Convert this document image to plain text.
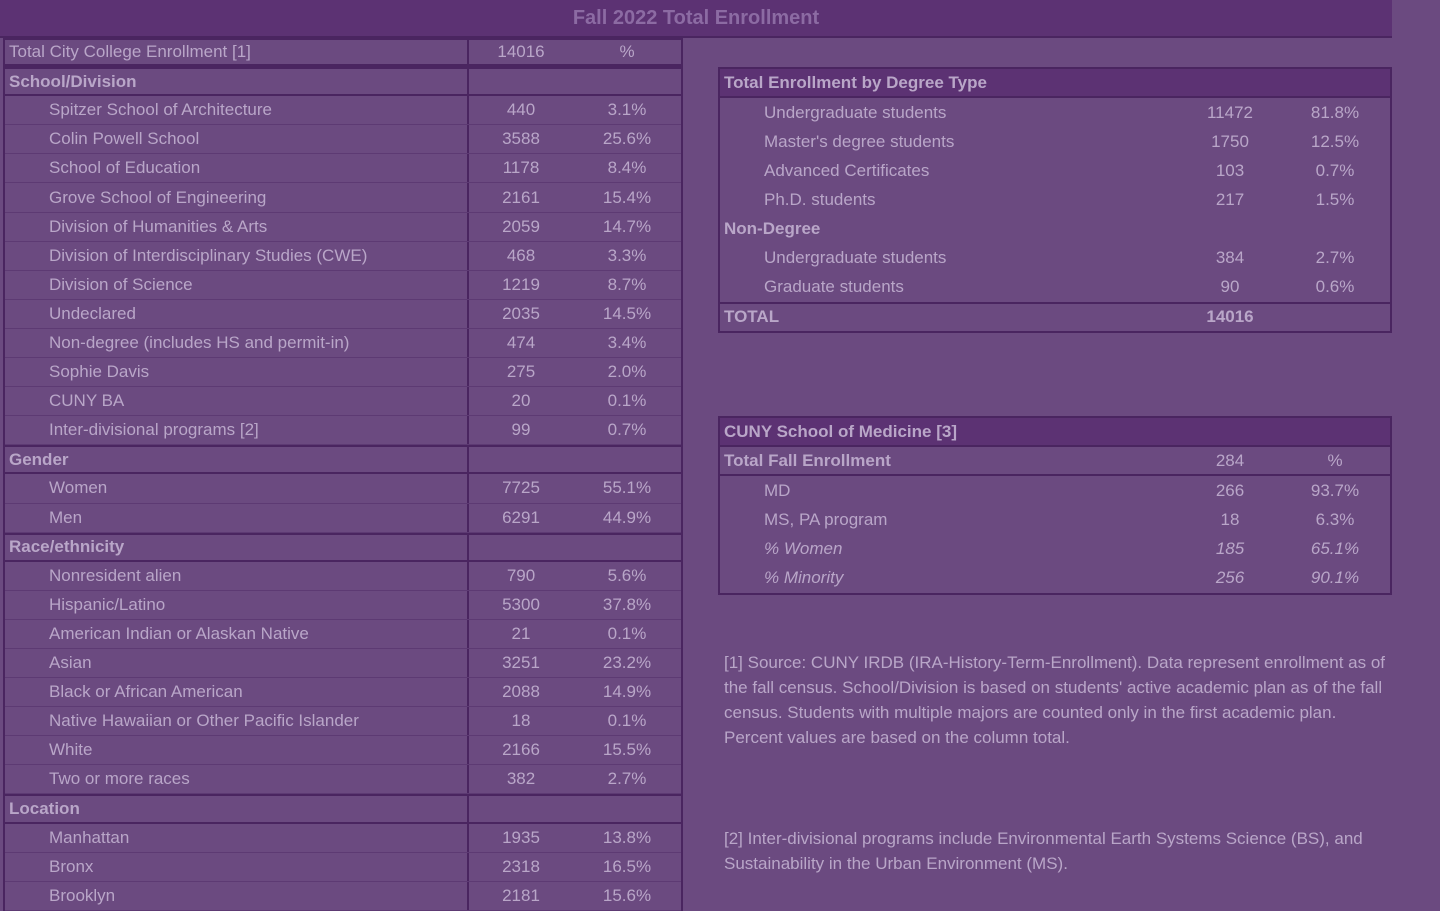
Fall 2022 Total Enrollment
Total City College Enrollment [1]	14016	%
School/Division
Spitzer School of Architecture	440	3.1%
Colin Powell School	3588	25.6%
School of Education	1178	8.4%
Grove School of Engineering	2161	15.4%
Division of Humanities & Arts	2059	14.7%
Division of Interdisciplinary Studies (CWE)	468	3.3%
Division of Science	1219	8.7%
Undeclared	2035	14.5%
Non-degree (includes HS and permit-in)	474	3.4%
Sophie Davis	275	2.0%
CUNY BA	20	0.1%
Inter-divisional programs [2]	99	0.7%
Gender
Women	7725	55.1%
Men	6291	44.9%
Race/ethnicity
Nonresident alien	790	5.6%
Hispanic/Latino	5300	37.8%
American Indian or Alaskan Native	21	0.1%
Asian	3251	23.2%
Black or African American	2088	14.9%
Native Hawaiian or Other Pacific Islander	18	0.1%
White	2166	15.5%
Two or more races	382	2.7%
Location
Manhattan	1935	13.8%
Bronx	2318	16.5%
Brooklyn	2181	15.6%
Total Enrollment by Degree Type
Undergraduate students	11472	81.8%
Master's degree students	1750	12.5%
Advanced Certificates	103	0.7%
Ph.D. students	217	1.5%
Non-Degree
Undergraduate students	384	2.7%
Graduate students	90	0.6%
TOTAL	14016
CUNY School of Medicine [3]
Total Fall Enrollment	284	%
MD	266	93.7%
MS, PA program	18	6.3%
% Women	185	65.1%
% Minority	256	90.1%
[1] Source: CUNY IRDB (IRA-History-Term-Enrollment). Data represent enrollment as of the fall census. School/Division is based on students' active academic plan as of the fall census. Students with multiple majors are counted only in the first academic plan. Percent values are based on the column total.
[2] Inter-divisional programs include Environmental Earth Systems Science (BS), and Sustainability in the Urban Environment (MS).
